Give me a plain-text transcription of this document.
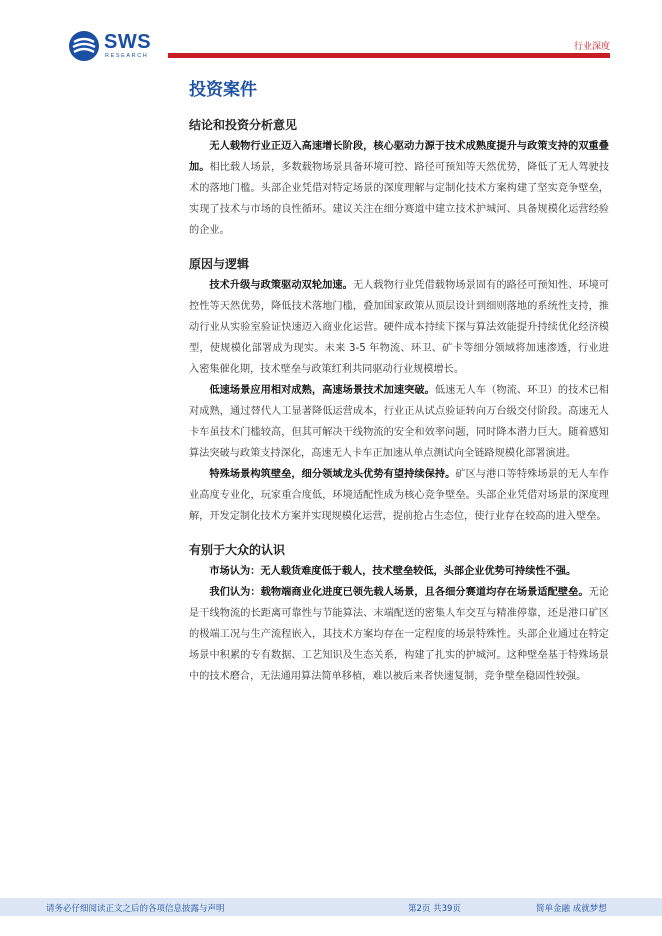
SWS
RESEARCH
行业深度
投资案件
结论和投资分析意见

无人载物行业正迈入高速增长阶段，核心驱动力源于技术成熟度提升与政策支持的双重叠加。相比载人场景，多数载物场景具备环境可控、路径可预知等天然优势，降低了无人驾驶技术的落地门槛。头部企业凭借对特定场景的深度理解与定制化技术方案构建了坚实竞争壁垒，实现了技术与市场的良性循环。建议关注在细分赛道中建立技术护城河、具备规模化运营经验的企业。

原因与逻辑

技术升级与政策驱动双轮加速。无人载物行业凭借载物场景固有的路径可预知性、环境可控性等天然优势，降低技术落地门槛，叠加国家政策从顶层设计到细则落地的系统性支持，推动行业从实验室验证快速迈入商业化运营。硬件成本持续下探与算法效能提升持续优化经济模型，使规模化部署成为现实。未来 3-5 年物流、环卫、矿卡等细分领域将加速渗透，行业进入密集催化期，技术壁垒与政策红利共同驱动行业规模增长。

低速场景应用相对成熟，高速场景技术加速突破。低速无人车（物流、环卫）的技术已相对成熟，通过替代人工显著降低运营成本，行业正从试点验证转向万台级交付阶段。高速无人卡车虽技术门槛较高，但其可解决干线物流的安全和效率问题，同时降本潜力巨大。随着感知算法突破与政策支持深化，高速无人卡车正加速从单点测试向全链路规模化部署演进。

特殊场景构筑壁垒，细分领域龙头优势有望持续保持。矿区与港口等特殊场景的无人车作业高度专业化，玩家重合度低，环境适配性成为核心竞争壁垒。头部企业凭借对场景的深度理解，开发定制化技术方案并实现规模化运营，提前抢占生态位，使行业存在较高的进入壁垒。

有别于大众的认识

市场认为：无人载货难度低于载人，技术壁垒较低，头部企业优势可持续性不强。

我们认为：载物端商业化进度已领先载人场景，且各细分赛道均存在场景适配壁垒。无论是干线物流的长距离可靠性与节能算法、末端配送的密集人车交互与精准停靠，还是港口矿区的极端工况与生产流程嵌入，其技术方案均存在一定程度的场景特殊性。头部企业通过在特定场景中积累的专有数据、工艺知识及生态关系，构建了扎实的护城河。这种壁垒基于特殊场景中的技术磨合，无法通用算法简单移植，难以被后来者快速复制，竞争壁垒稳固性较强。

请务必仔细阅读正文之后的各项信息披露与声明	第2页 共39页	简单金融 成就梦想
